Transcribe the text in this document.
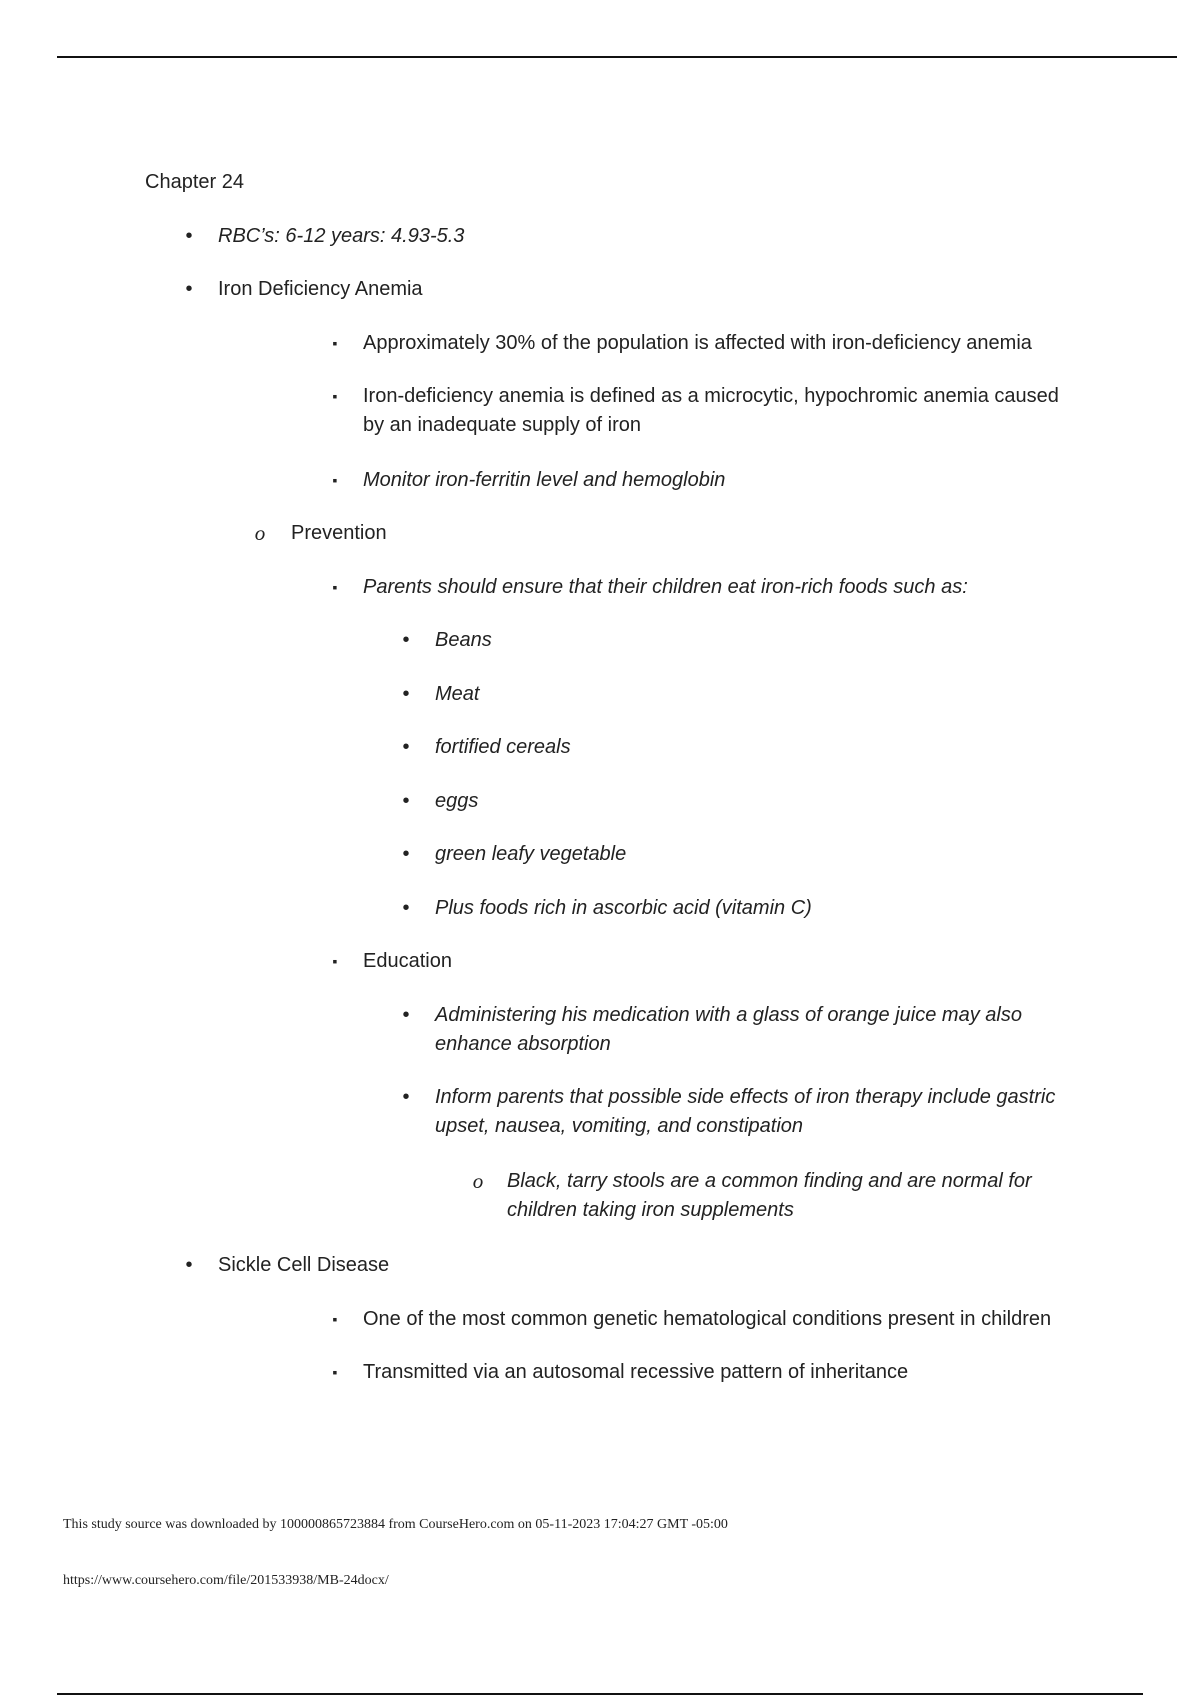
Chapter 24
•	RBC’s: 6-12 years: 4.93-5.3
•	Iron Deficiency Anemia
▪	Approximately 30% of the population is affected with iron-deficiency anemia
▪	Iron-deficiency anemia is defined as a microcytic, hypochromic anemia caused by an inadequate supply of iron
▪	Monitor iron-ferritin level and hemoglobin
o Prevention
▪	Parents should ensure that their children eat iron-rich foods such as:
•	Beans
•	Meat
•	fortified cereals
•	eggs
•	green leafy vegetable
•	Plus foods rich in ascorbic acid (vitamin C)
▪	Education
•	Administering his medication with a glass of orange juice may also enhance absorption
•	Inform parents that possible side effects of iron therapy include gastric upset, nausea, vomiting, and constipation
o Black, tarry stools are a common finding and are normal for children taking iron supplements
•	Sickle Cell Disease
▪	One of the most common genetic hematological conditions present in children
▪	Transmitted via an autosomal recessive pattern of inheritance
This study source was downloaded by 100000865723884 from CourseHero.com on 05-11-2023 17:04:27 GMT -05:00
https://www.coursehero.com/file/201533938/MB-24docx/
